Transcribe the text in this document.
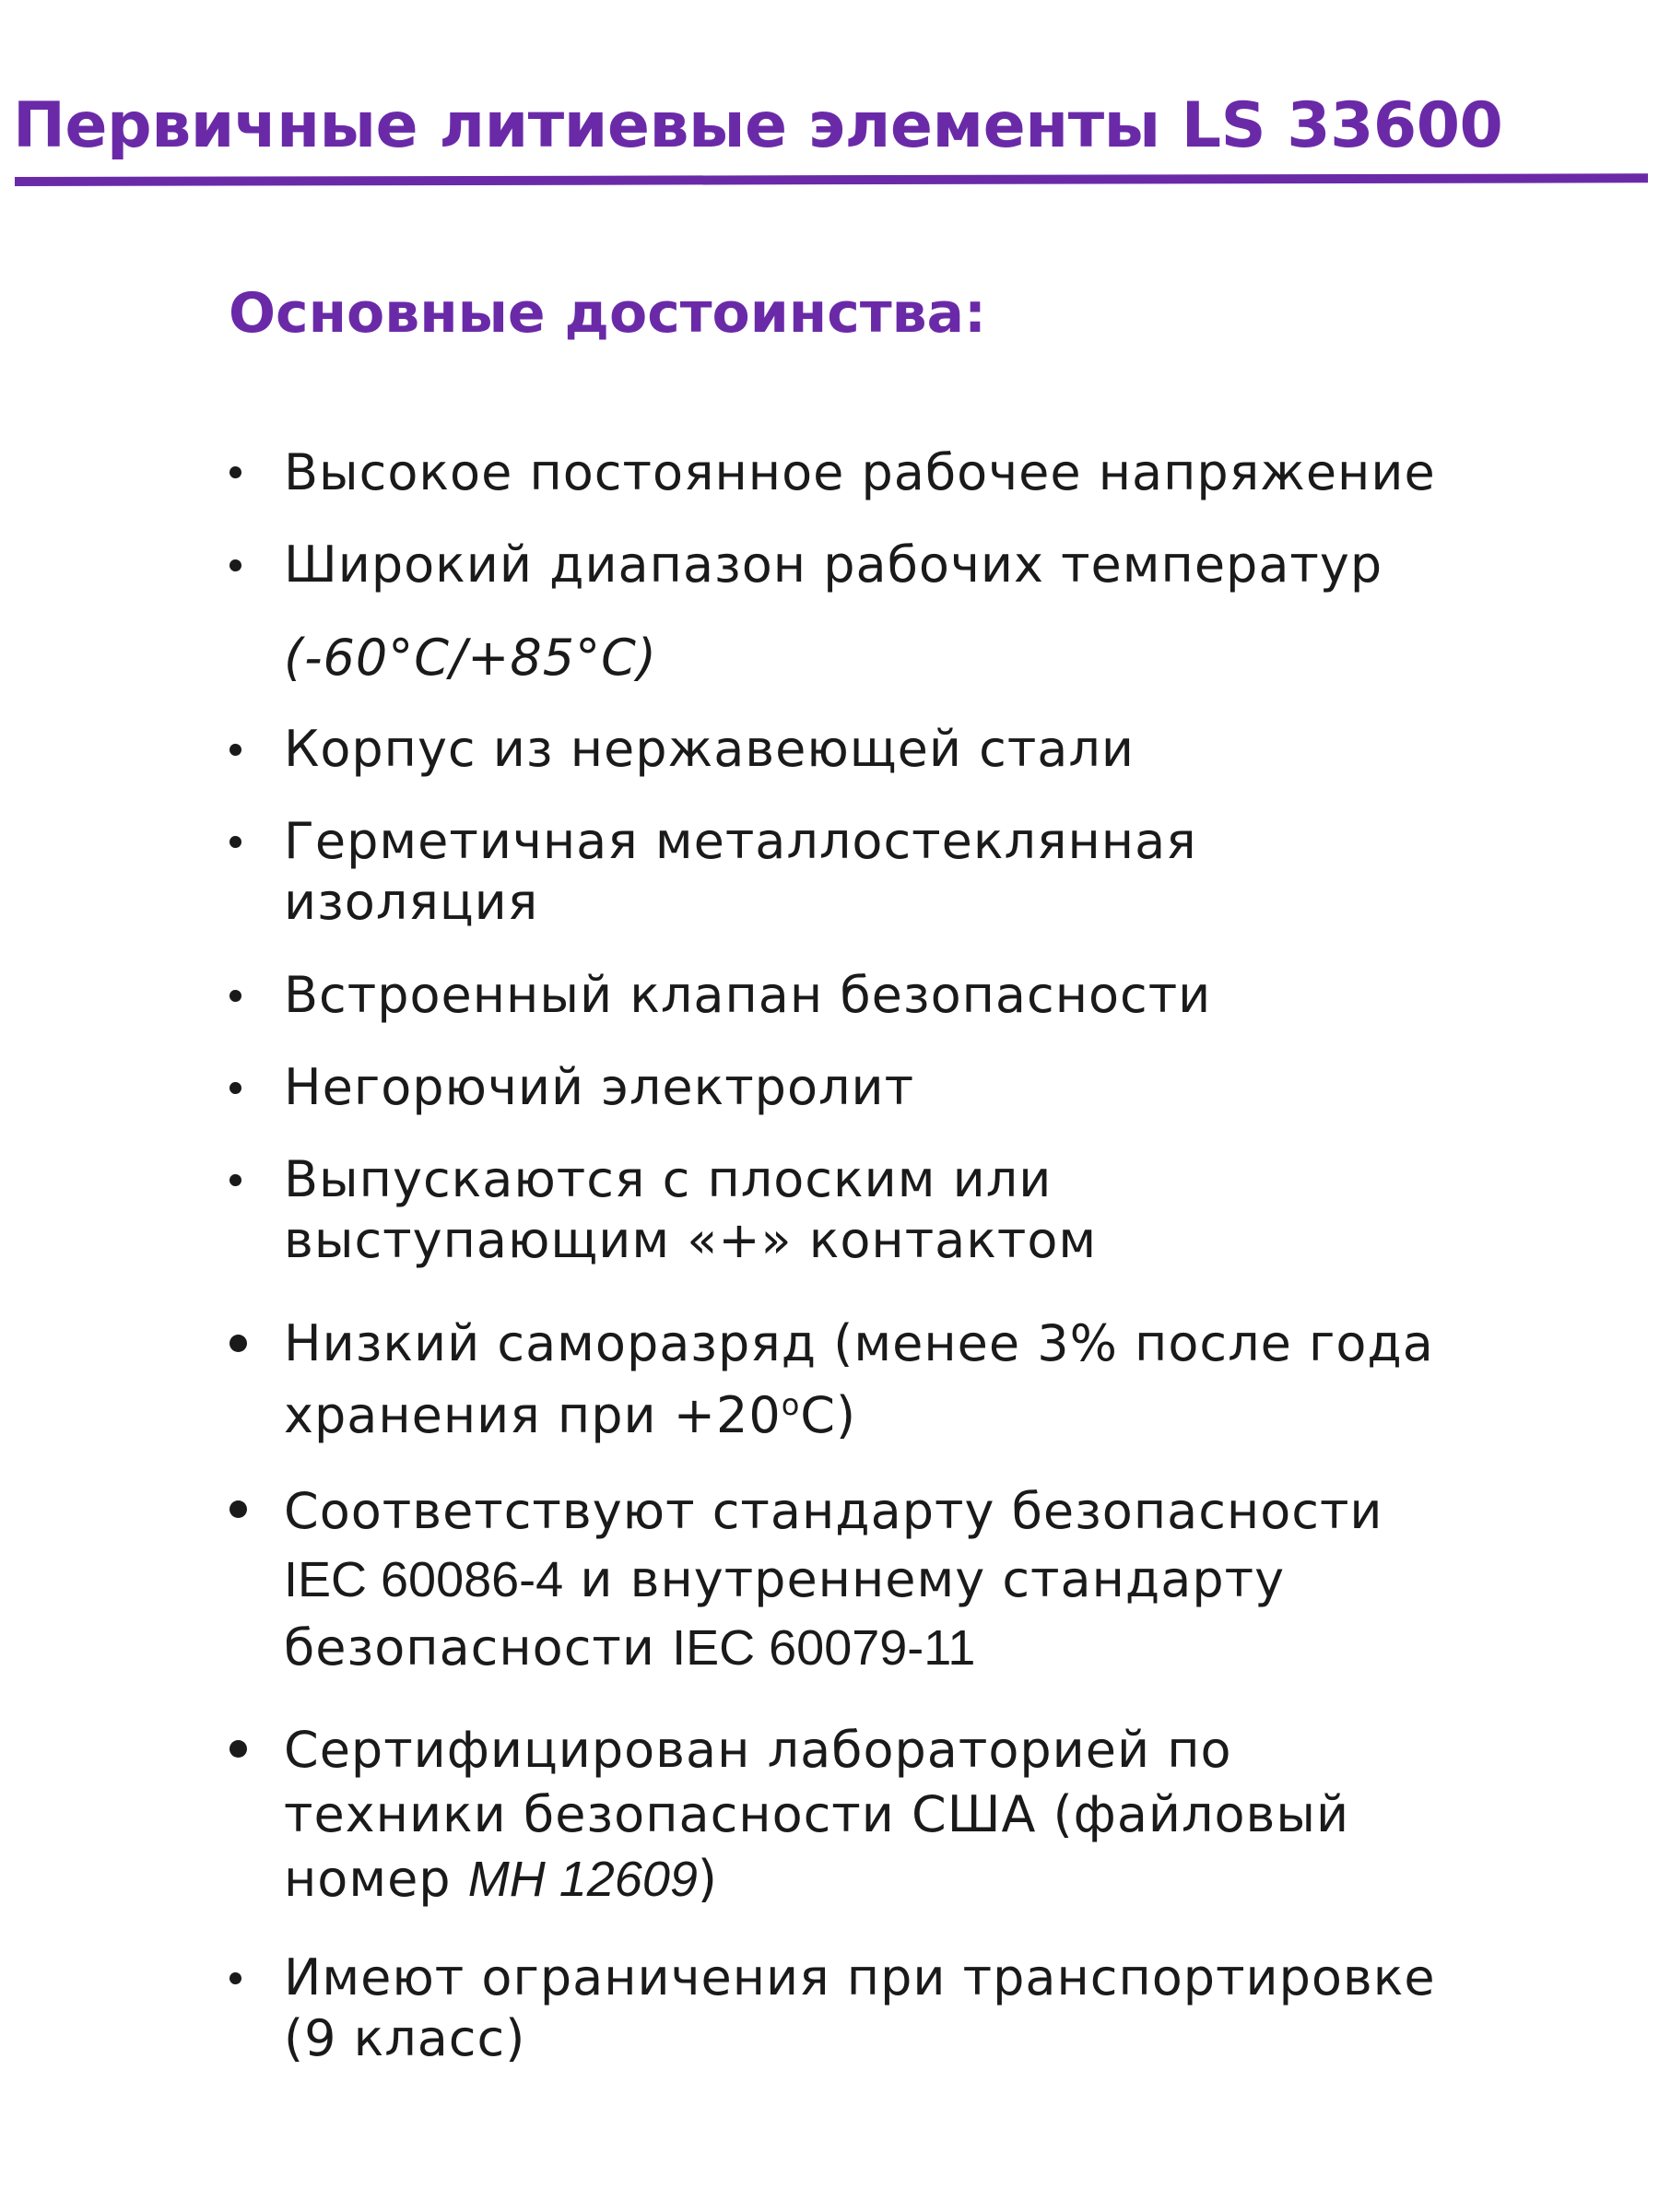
Первичные литиевые элементы LS 33600
Основные достоинства:
Высокое постоянное рабочее напряжение
Широкий диапазон рабочих температур
(-60°C/+85°C)
Корпус из нержавеющей стали
Герметичная металлостеклянная
изоляция
Встроенный клапан безопасности
Негорючий электролит
Выпускаются с плоским или
выступающим «+» контактом
Низкий саморазряд (менее 3% после года
хранения при $+20^oC$)
Соответствуют стандарту безопасности
IEC 60086-4 и внутреннему стандарту
безопасности IEC 60079-11
Сертифицирован лабораторией по
техники безопасности США (файловый
номер MH 12609)
Имеют ограничения при транспортировке
(9 класс)
